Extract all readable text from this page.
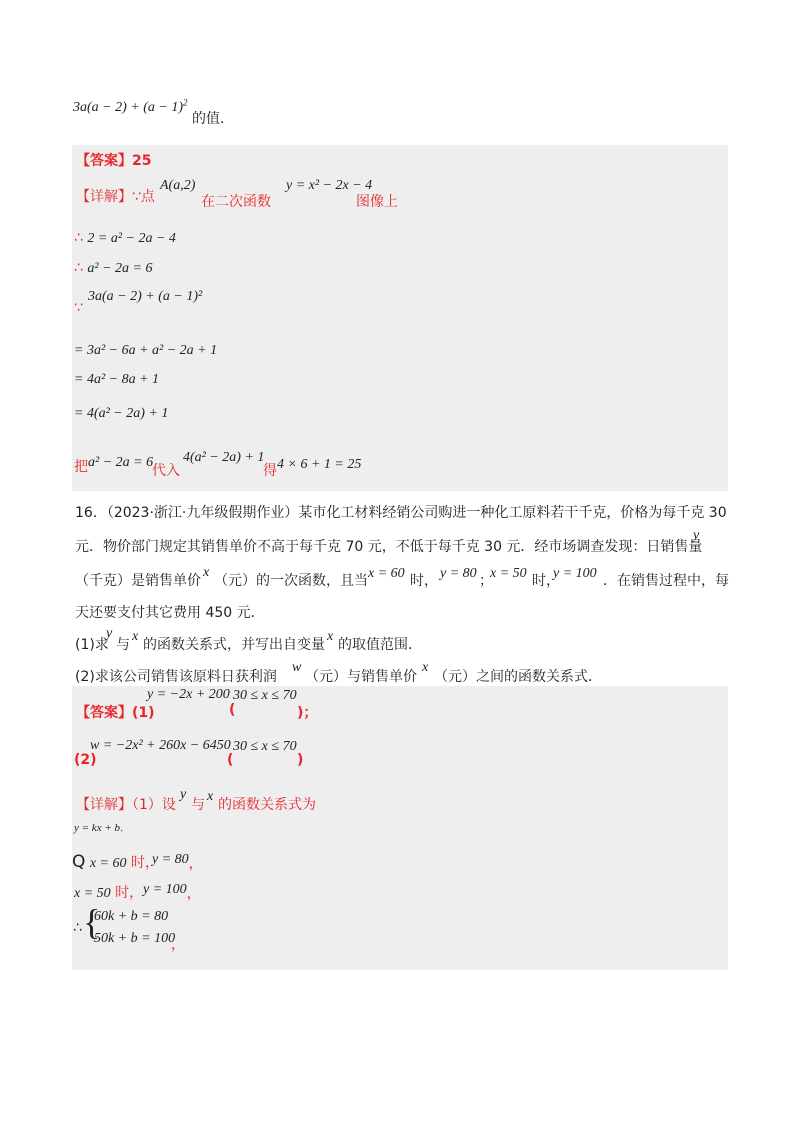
$3a(a - 2) + (a - 1)^2$ 的值.
【答案】25
【详解】∵点
A(a,2)
在二次函数
y = x² − 2x − 4
图像上
∴ 2 = a² − 2a − 4
∴ a² − 2a = 6
3a(a − 2) + (a − 1)²
∵
= 3a² − 6a + a² − 2a + 1
= 4a² − 8a + 1
= 4(a² − 2a) + 1
把 a² − 2a = 6
代入
4(a² − 2a) + 1
得 4 × 6 + 1 = 25
16．（2023·浙江·九年级假期作业）某市化工材料经销公司购进一种化工原料若干千克，价格为每千克 30
元．物价部门规定其销售单价不高于每千克 70 元，不低于每千克 30 元．经市场调查发现：日销售量
y
（千克）是销售单价
x
（元）的一次函数，且当 x = 60 时， y = 80 ；
x = 50 时，
y = 100 ．在销售过程中，每
天还要支付其它费用 450 元．
(1)求
y
与
x
的函数关系式，并写出自变量
x
的取值范围．
(2)求该公司销售该原料日获利润
w
（元）与销售单价
x
（元）之间的函数关系式．
【答案】(1)
y = −2x + 200
(
30 ≤ x ≤ 70
)；
(2)
w = −2x² + 260x − 6450
(
30 ≤ x ≤ 70
)
【详解】（1）设
y
与
x
的函数关系式为
y = kx + b．
Q x = 60 时，
y = 80，
x = 50 时， y = 100，
∴ {
60k + b = 80
50k + b = 100
，
